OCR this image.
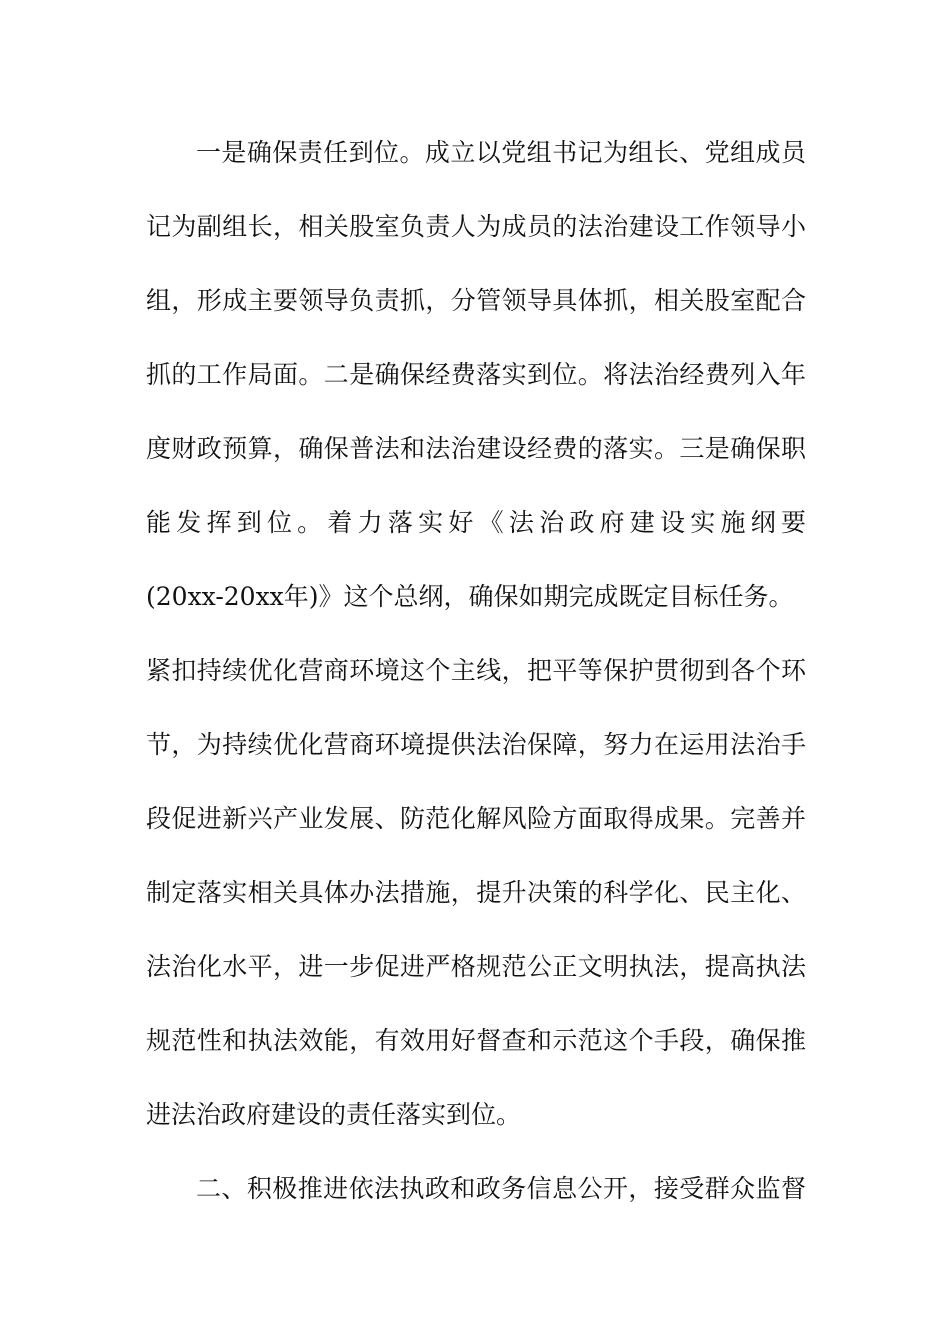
一是确保责任到位。成立以党组书记为组长、党组成员
记为副组长，相关股室负责人为成员的法治建设工作领导小
组，形成主要领导负责抓，分管领导具体抓，相关股室配合
抓的工作局面。二是确保经费落实到位。将法治经费列入年
度财政预算，确保普法和法治建设经费的落实。三是确保职
能发挥到位。着力落实好《法治政府建设实施纲要
(20xx-20xx年)》这个总纲，确保如期完成既定目标任务。
紧扣持续优化营商环境这个主线，把平等保护贯彻到各个环
节，为持续优化营商环境提供法治保障，努力在运用法治手
段促进新兴产业发展、防范化解风险方面取得成果。完善并
制定落实相关具体办法措施，提升决策的科学化、民主化、
法治化水平，进一步促进严格规范公正文明执法，提高执法
规范性和执法效能，有效用好督查和示范这个手段，确保推
进法治政府建设的责任落实到位。
二、积极推进依法执政和政务信息公开，接受群众监督
